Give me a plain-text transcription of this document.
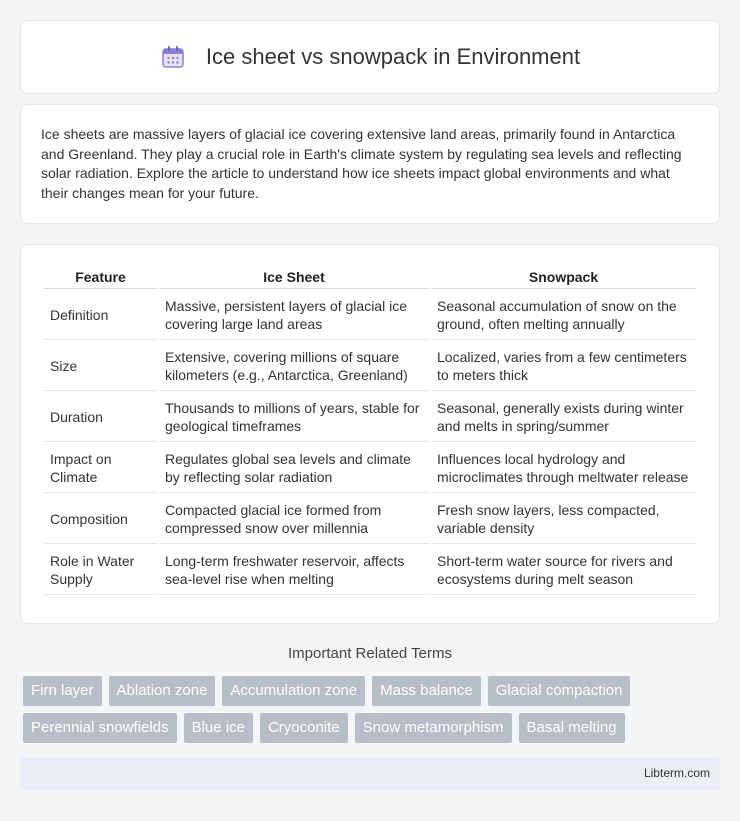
Ice sheet vs snowpack in Environment

Ice sheets are massive layers of glacial ice covering extensive land areas, primarily found in Antarctica and Greenland. They play a crucial role in Earth's climate system by regulating sea levels and reflecting solar radiation. Explore the article to understand how ice sheets impact global environments and what their changes mean for your future.

Feature	Ice Sheet	Snowpack
Definition	Massive, persistent layers of glacial ice covering large land areas	Seasonal accumulation of snow on the ground, often melting annually
Size	Extensive, covering millions of square kilometers (e.g., Antarctica, Greenland)	Localized, varies from a few centimeters to meters thick
Duration	Thousands to millions of years, stable for geological timeframes	Seasonal, generally exists during winter and melts in spring/summer
Impact on Climate	Regulates global sea levels and climate by reflecting solar radiation	Influences local hydrology and microclimates through meltwater release
Composition	Compacted glacial ice formed from compressed snow over millennia	Fresh snow layers, less compacted, variable density
Role in Water Supply	Long-term freshwater reservoir, affects sea-level rise when melting	Short-term water source for rivers and ecosystems during melt season
Important Related Terms
Firn layer	Ablation zone	Accumulation zone	Mass balance	Glacial compaction
Perennial snowfields	Blue ice	Cryoconite	Snow metamorphism	Basal melting
Libterm.com
